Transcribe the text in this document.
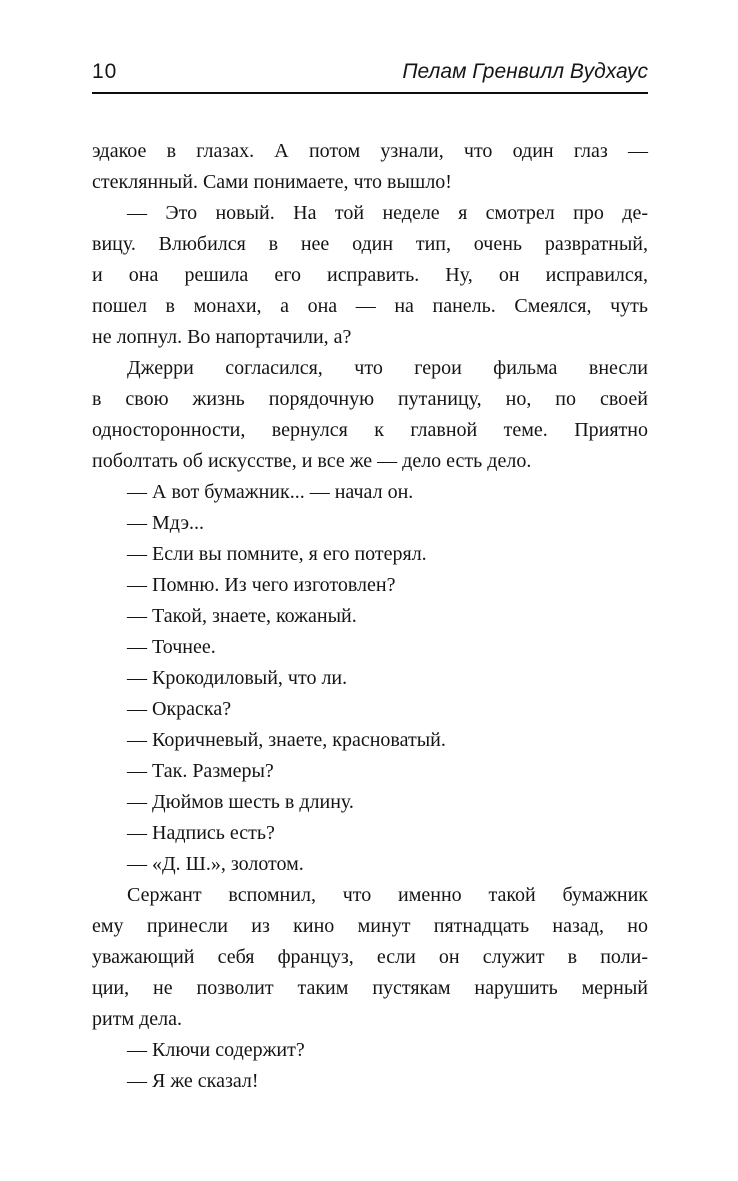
10	Пелам Гренвилл Вудхаус

эдакое в глазах. А потом узнали, что один глаз —
стеклянный. Сами понимаете, что вышло!

— Это новый. На той неделе я смотрел про де-
вицу. Влюбился в нее один тип, очень развратный,
и она решила его исправить. Ну, он исправился,
пошел в монахи, а она — на панель. Смеялся, чуть
не лопнул. Во напортачили, а?

Джерри согласился, что герои фильма внесли
в свою жизнь порядочную путаницу, но, по своей
односторонности, вернулся к главной теме. Приятно
поболтать об искусстве, и все же — дело есть дело.

— А вот бумажник... — начал он.

— Мдэ...

— Если вы помните, я его потерял.

— Помню. Из чего изготовлен?

— Такой, знаете, кожаный.

— Точнее.

— Крокодиловый, что ли.

— Окраска?

— Коричневый, знаете, красноватый.

— Так. Размеры?

— Дюймов шесть в длину.

— Надпись есть?

— «Д. Ш.», золотом.

Сержант вспомнил, что именно такой бумажник
ему принесли из кино минут пятнадцать назад, но
уважающий себя француз, если он служит в поли-
ции, не позволит таким пустякам нарушить мерный
ритм дела.

— Ключи содержит?

— Я же сказал!
